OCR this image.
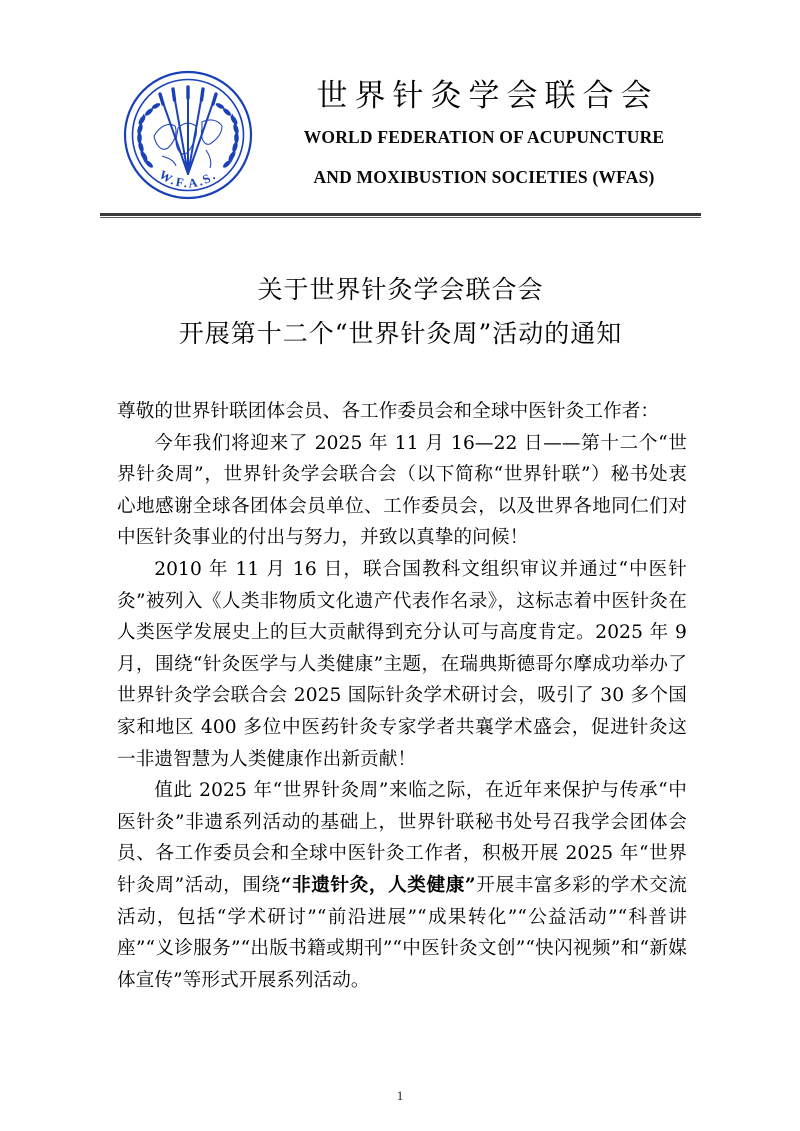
W.F.A.S.
世界针灸学会联合会
WORLD FEDERATION OF ACUPUNCTURE
AND MOXIBUSTION SOCIETIES (WFAS)
关于世界针灸学会联合会
开展第十二个“世界针灸周”活动的通知

尊敬的世界针联团体会员、各工作委员会和全球中医针灸工作者：

今年我们将迎来了 2025 年 11 月 16—22 日——第十二个“世界针灸周”，世界针灸学会联合会（以下简称“世界针联”）秘书处衷心地感谢全球各团体会员单位、工作委员会，以及世界各地同仁们对中医针灸事业的付出与努力，并致以真挚的问候！

2010 年 11 月 16 日，联合国教科文组织审议并通过“中医针灸”被列入《人类非物质文化遗产代表作名录》，这标志着中医针灸在人类医学发展史上的巨大贡献得到充分认可与高度肯定。2025 年 9 月，围绕“针灸医学与人类健康”主题，在瑞典斯德哥尔摩成功举办了世界针灸学会联合会 2025 国际针灸学术研讨会，吸引了 30 多个国家和地区 400 多位中医药针灸专家学者共襄学术盛会，促进针灸这一非遗智慧为人类健康作出新贡献！

值此 2025 年“世界针灸周”来临之际，在近年来保护与传承“中医针灸”非遗系列活动的基础上，世界针联秘书处号召我学会团体会员、各工作委员会和全球中医针灸工作者，积极开展 2025 年“世界针灸周”活动，围绕“非遗针灸，人类健康”开展丰富多彩的学术交流活动，包括“学术研讨”“前沿进展”“成果转化”“公益活动”“科普讲座”“义诊服务”“出版书籍或期刊”“中医针灸文创”“快闪视频”和“新媒体宣传”等形式开展系列活动。

1
